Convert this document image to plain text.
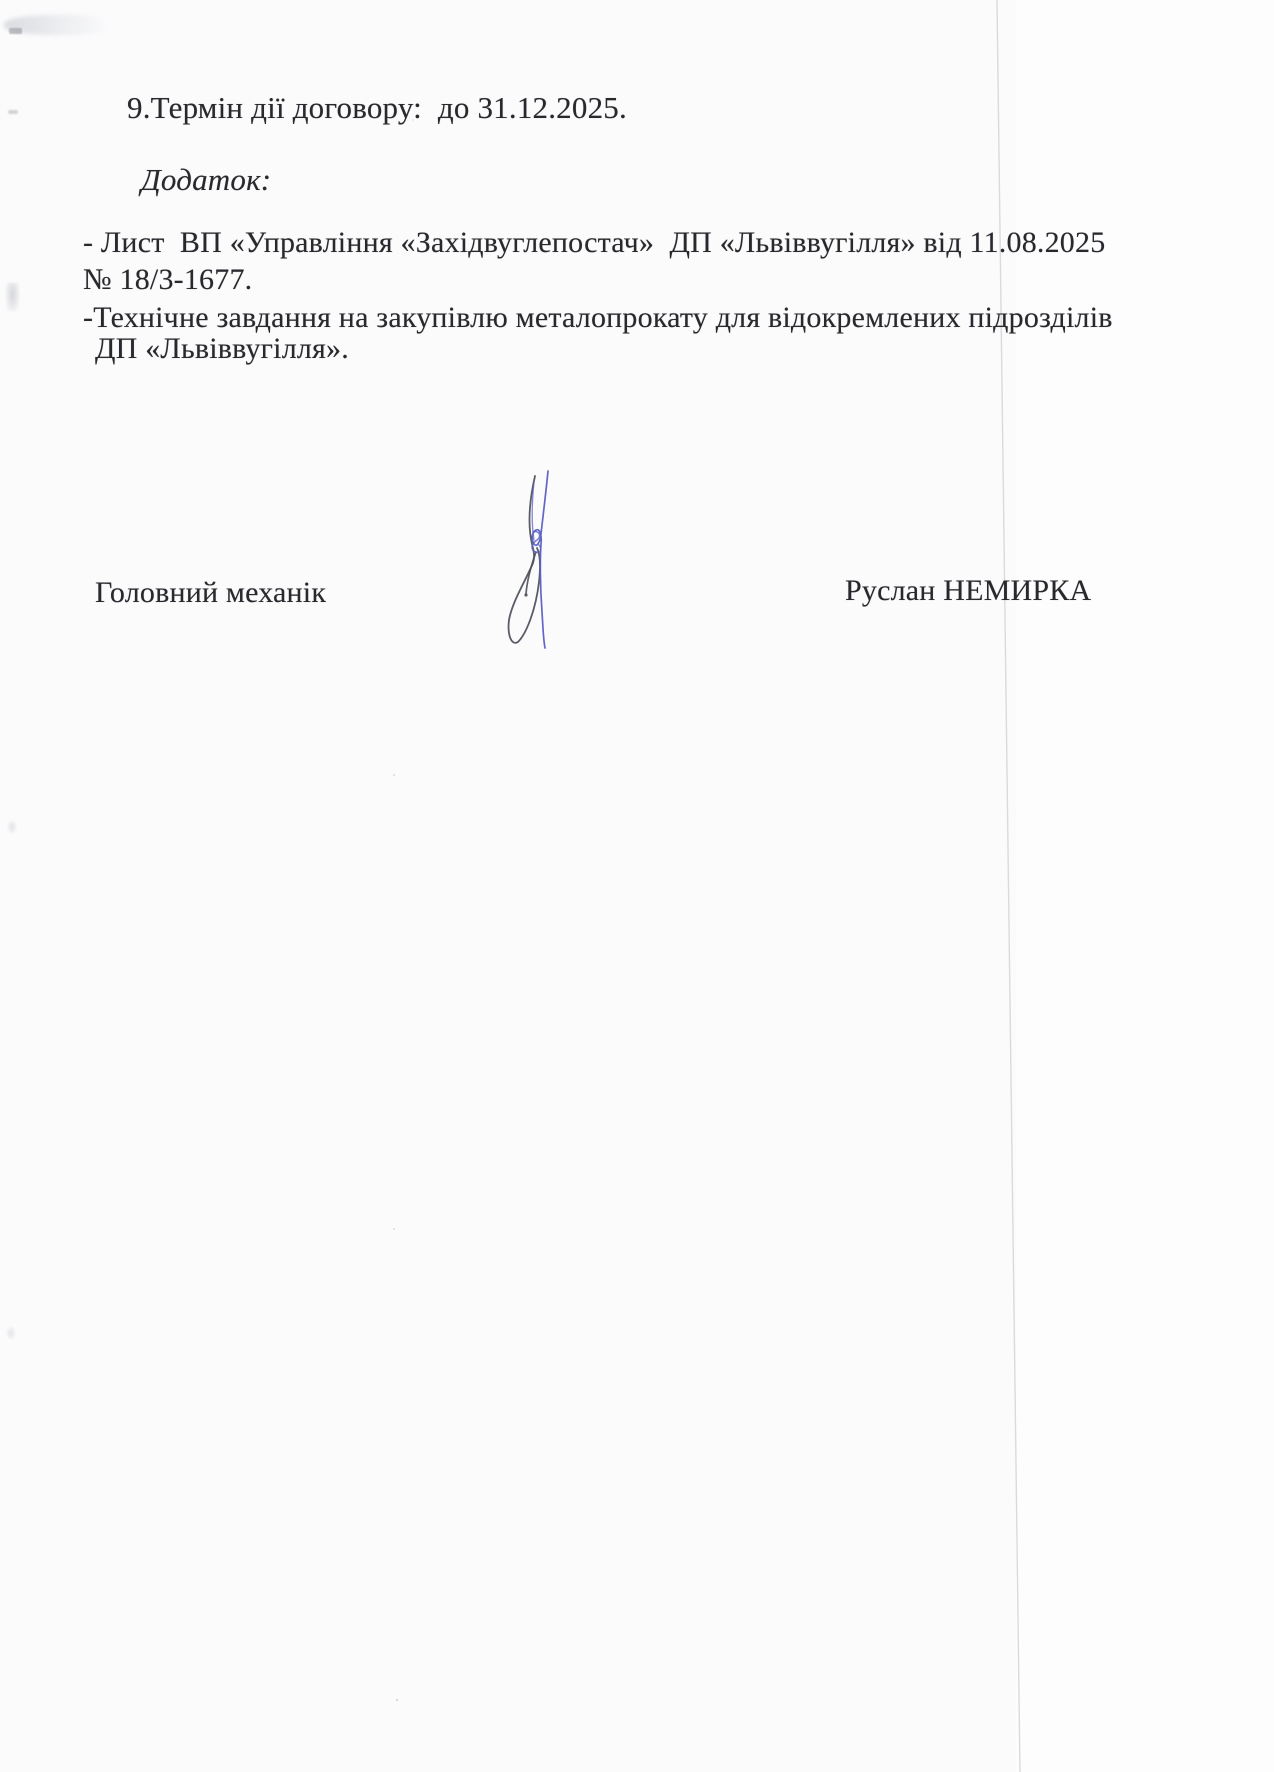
9.Термін дії договору:  до 31.12.2025.
Додаток:
- Лист  ВП «Управління «Західвуглепостач»  ДП «Львіввугілля» від 11.08.2025
№ 18/3-1677.
-Технічне завдання на закупівлю металопрокату для відокремлених підрозділів
ДП «Львіввугілля».
Головний механік	Руслан НЕМИРКА
